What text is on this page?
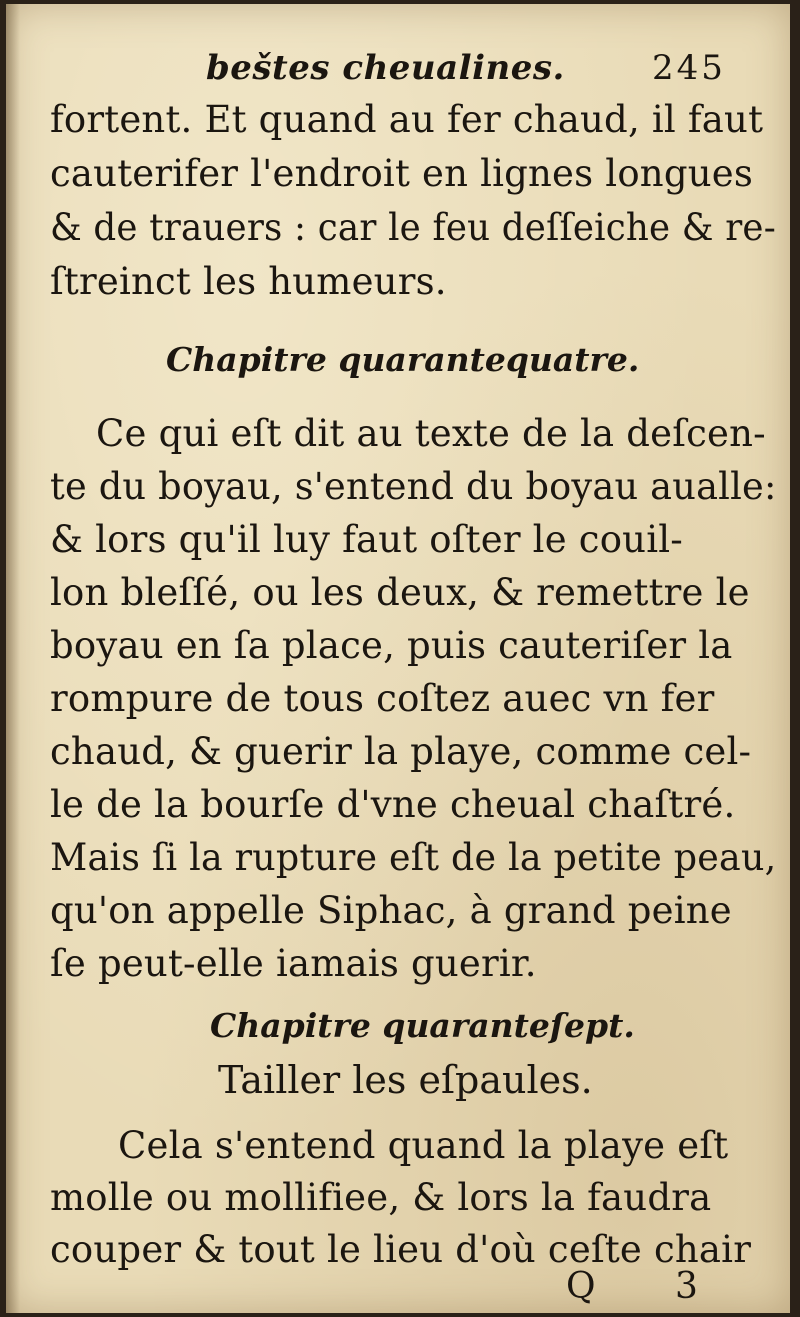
beštes cheualines.	245
fortent. Et quand au fer chaud, il faut
cauterifer l'endroit en lignes longues
& de trauers : car le feu deſſeiche & re-
ſtreinct les humeurs.
Chapitre quarantequatre.
Ce qui eſt dit au texte de la deſcen-
te du boyau, s'entend du boyau aualle:
& lors qu'il luy faut oſter le couil-
lon bleſſé, ou les deux, & remettre le
boyau en ſa place, puis cauteriſer la
rompure de tous coſtez auec vn fer
chaud, & guerir la playe, comme cel-
le de la bourſe d'vne cheual chaſtré.
Mais ſi la rupture eſt de la petite peau,
qu'on appelle Siphac, à grand peine
ſe peut-elle iamais guerir.
Chapitre quaranteſept.
Tailler les eſpaules.
Cela s'entend quand la playe eſt
molle ou mollifiee, & lors la faudra
couper & tout le lieu d'où ceſte chair
Q 3
